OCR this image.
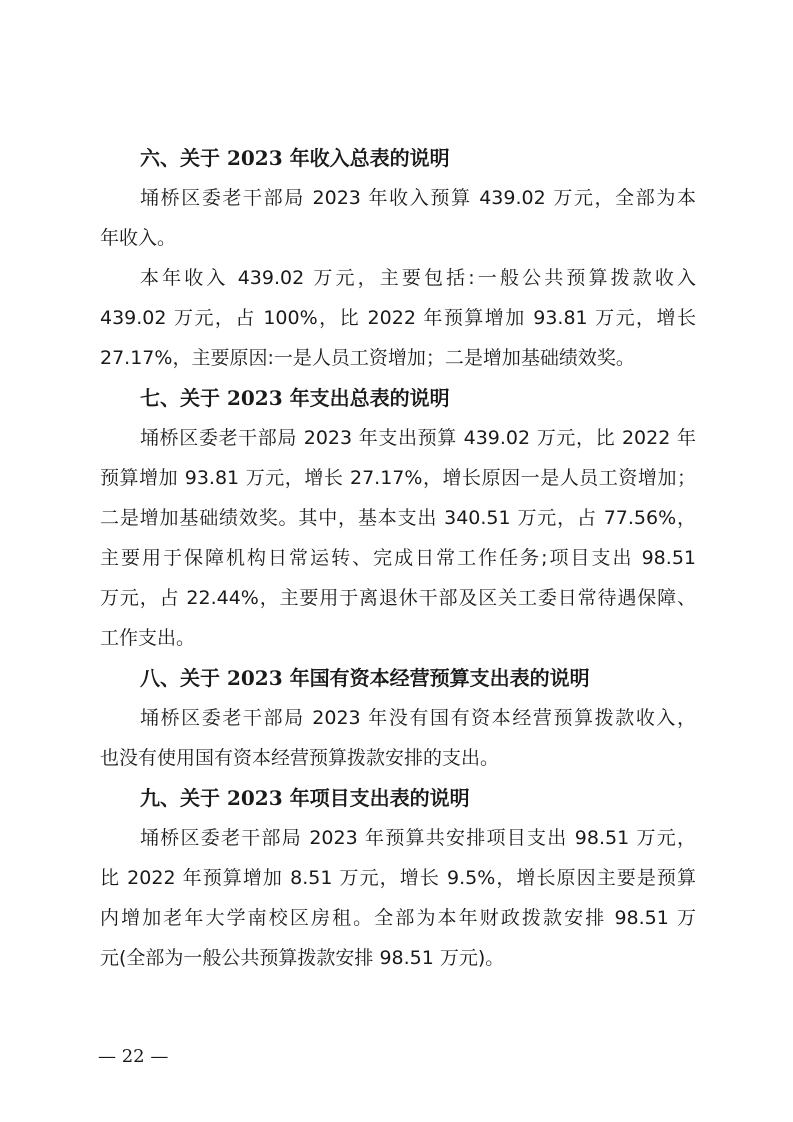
六、关于 2023 年收入总表的说明
埇桥区委老干部局 2023 年收入预算 439.02 万元，全部为本
年收入。
本年收入 439.02 万元，主要包括:一般公共预算拨款收入
439.02 万元，占 100%，比 2022 年预算增加 93.81 万元，增长
27.17%，主要原因:一是人员工资增加；二是增加基础绩效奖。
七、关于 2023 年支出总表的说明
埇桥区委老干部局 2023 年支出预算 439.02 万元，比 2022 年
预算增加 93.81 万元，增长 27.17%，增长原因一是人员工资增加；
二是增加基础绩效奖。其中，基本支出 340.51 万元，占 77.56%，
主要用于保障机构日常运转、完成日常工作任务;项目支出 98.51
万元，占 22.44%，主要用于离退休干部及区关工委日常待遇保障、
工作支出。
八、关于 2023 年国有资本经营预算支出表的说明
埇桥区委老干部局 2023 年没有国有资本经营预算拨款收入，
也没有使用国有资本经营预算拨款安排的支出。
九、关于 2023 年项目支出表的说明
埇桥区委老干部局 2023 年预算共安排项目支出 98.51 万元，
比 2022 年预算增加 8.51 万元，增长 9.5%，增长原因主要是预算
内增加老年大学南校区房租。全部为本年财政拨款安排 98.51 万
元(全部为一般公共预算拨款安排 98.51 万元)。
— 22 —
